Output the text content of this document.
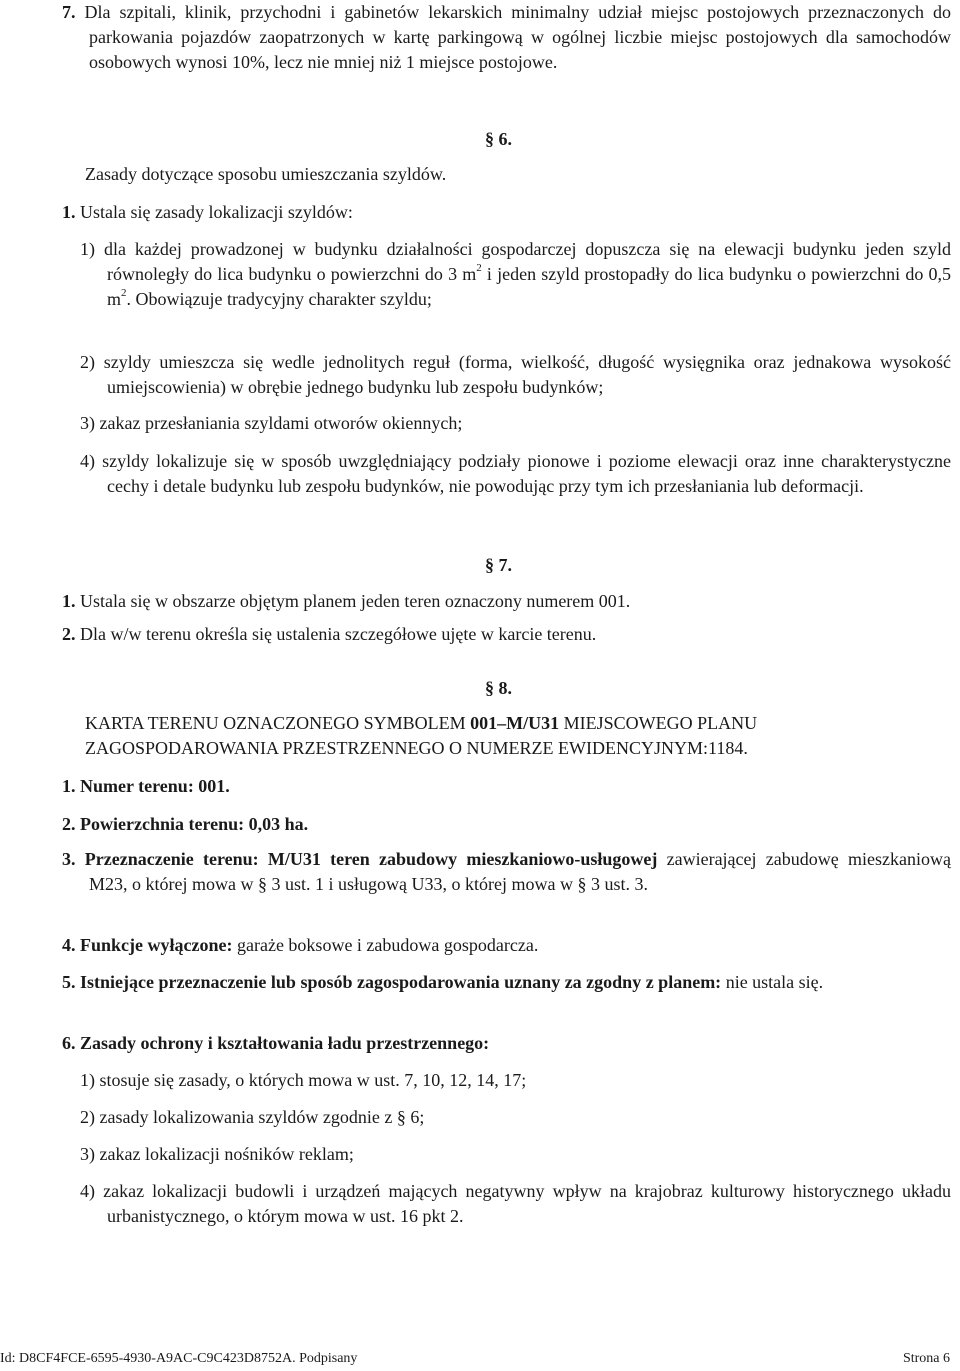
7. Dla szpitali, klinik, przychodni i gabinetów lekarskich minimalny udział miejsc postojowych przeznaczonych do parkowania pojazdów zaopatrzonych w kartę parkingową w ogólnej liczbie miejsc postojowych dla samochodów osobowych wynosi 10%, lecz nie mniej niż 1 miejsce postojowe.
§ 6.
Zasady dotyczące sposobu umieszczania szyldów.
1. Ustala się zasady lokalizacji szyldów:
1) dla każdej prowadzonej w budynku działalności gospodarczej dopuszcza się na elewacji budynku jeden szyld równoległy do lica budynku o powierzchni do 3 $m^2$ i jeden szyld prostopadły do lica budynku o powierzchni do 0,5 $m^2$. Obowiązuje tradycyjny charakter szyldu;
2) szyldy umieszcza się wedle jednolitych reguł (forma, wielkość, długość wysięgnika oraz jednakowa wysokość umiejscowienia) w obrębie jednego budynku lub zespołu budynków;
3) zakaz przesłaniania szyldami otworów okiennych;
4) szyldy lokalizuje się w sposób uwzględniający podziały pionowe i poziome elewacji oraz inne charakterystyczne cechy i detale budynku lub zespołu budynków, nie powodując przy tym ich przesłaniania lub deformacji.
§ 7.
1. Ustala się w obszarze objętym planem jeden teren oznaczony numerem 001.
2. Dla w/w terenu określa się ustalenia szczegółowe ujęte w karcie terenu.
§ 8.
KARTA TERENU OZNACZONEGO SYMBOLEM 001–M/U31 MIEJSCOWEGO PLANU ZAGOSPODAROWANIA PRZESTRZENNEGO O NUMERZE EWIDENCYJNYM:1184.
1. Numer terenu: 001.
2. Powierzchnia terenu: 0,03 ha.
3. Przeznaczenie terenu: M/U31 teren zabudowy mieszkaniowo-usługowej zawierającej zabudowę mieszkaniową M23, o której mowa w § 3 ust. 1 i usługową U33, o której mowa w § 3 ust. 3.
4. Funkcje wyłączone: garaże boksowe i zabudowa gospodarcza.
5. Istniejące przeznaczenie lub sposób zagospodarowania uznany za zgodny z planem: nie ustala się.
6. Zasady ochrony i kształtowania ładu przestrzennego:
1) stosuje się zasady, o których mowa w ust. 7, 10, 12, 14, 17;
2) zasady lokalizowania szyldów zgodnie z § 6;
3) zakaz lokalizacji nośników reklam;
4) zakaz lokalizacji budowli i urządzeń mających negatywny wpływ na krajobraz kulturowy historycznego układu urbanistycznego, o którym mowa w ust. 16 pkt 2.
Id: D8CF4FCE-6595-4930-A9AC-C9C423D8752A. Podpisany	Strona 6
